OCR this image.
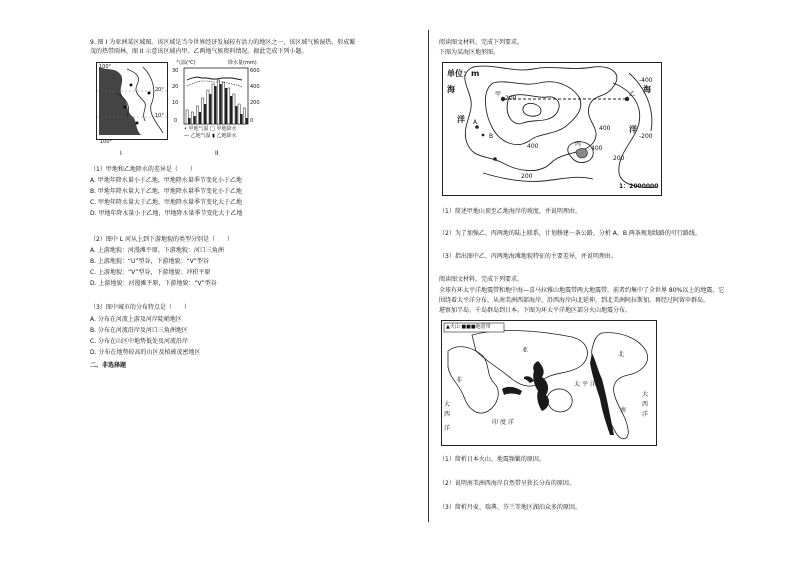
9. 图 I 为亚洲某区域图。该区域是当今世界经济发展较有活力的地区之一，该区域气候湿热，形成繁
茂的热带雨林，图 II 示意该区域内甲、乙两地气候资料情况。据此完成下列小题。
100°
20°
10°
100°
气温(℃)	降水量(mm)
30
20
10
0
600
400
200
0
• 甲地气温 □ 甲地降水
— 乙地气温 ▮ 乙地降水
I	II
（1）甲地和乙地降水的差异是（　　）
A. 甲地年降水量小于乙地，甲地降水量季节变化小于乙地
B. 甲地年降水量大于乙地，甲地降水量季节变化小于乙地
C. 甲地年降水量大于乙地，甲地降水量季节变化大于乙地
D. 甲地年降水量小于乙地，甲地降水量季节变化大于乙地
（2）图中 L 河从上到下游地貌的类型分别是（　　）
A. 上游地貌：河漫滩平原，下游地貌：河口三角洲
B. 上游地貌：“U”型谷，下游地貌：“V”型谷
C. 上游地貌：“V”型谷，下游地貌：冲积平原
D. 上游地貌：河漫滩平原，下游地貌：“V”型谷
（3）图中城市的分布特点是（　　）
A. 分布在河流上游及河岸陡峭地区
B. 分布在河流沿岸及河口三角洲地区
C. 分布在山区中地势低处及河流沿岸
D. 分布在地势较高的山区及植被茂密地区
二、非选择题
阅读图文材料，完成下列要求。
下图为某海区地形图。
单位：m
海
洋
海
洋
甲	乙
丙
A
B
200
400
400
400
200
-400
-200
200
1：2000000
（1）简述甲地山顶至乙地海岸的坡度，并说明理由。
（2）为了加强乙、丙两地的陆上联系，计划修建一条公路，分析 A、B 两条规划线路的可行路线。
（3）指出图中乙、丙两地海滩地貌特征的主要差异，并说明理由。
阅读图文材料，完成下列要求。
全球有环太平洋地震带和地中海—喜马拉雅山地震带两大地震带，前者约集中了全世界 80%以上的地震。它
围绕着太平洋分布，从南美洲西部海岸，沿西海岸向北延伸，到北美洲阿拉斯加，再经过阿留申群岛，
堪察加半岛、千岛群岛到日本。下图为环太平洋地区部分火山地震分布。
▲火山 ■■■地震带
非
亚
北
大
西
洋
印 度 洋
太 平 洋
大
西
洋
南
（1）简析日本火山、地震频繁的原因。
（2）说明南美洲西海岸自然带呈狭长分布的原因。
（3）简析丹麦、瑞典、芬兰等地区湖泊众多的原因。
